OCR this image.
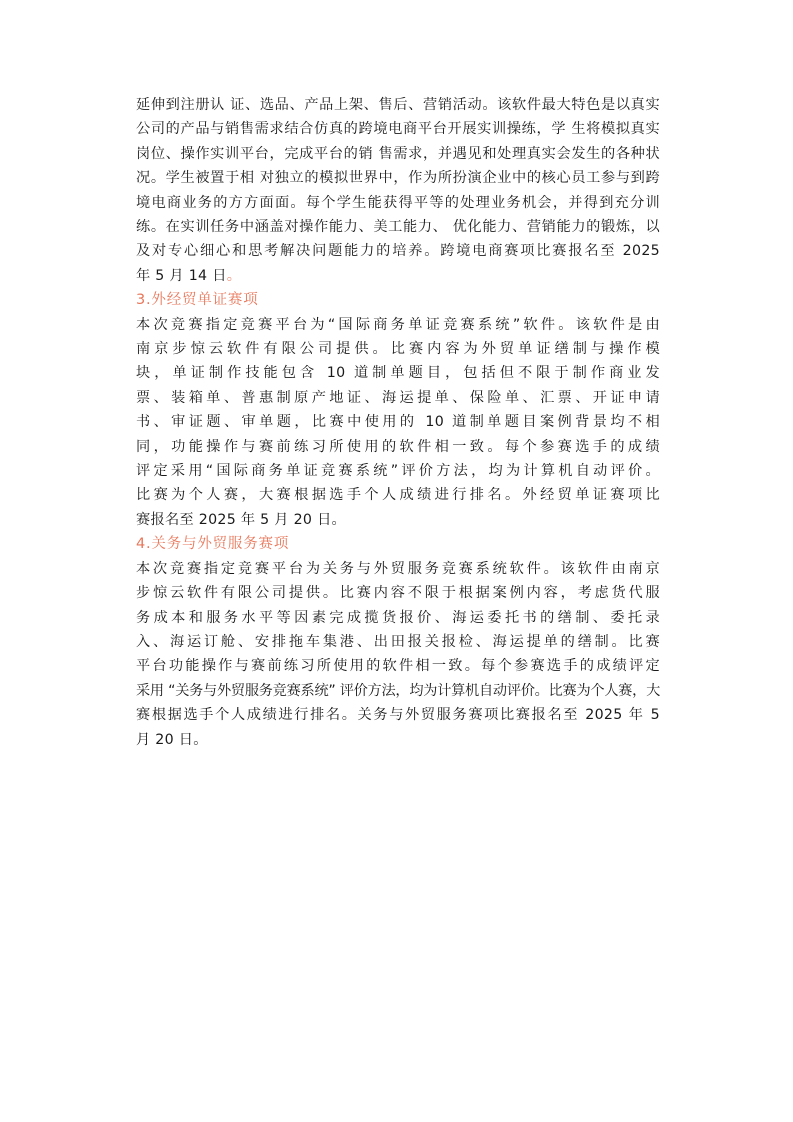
延伸到注册认 证、选品、产品上架、售后、营销活动。该软件最大特色是以真实
公司的产品与销售需求结合仿真的跨境电商平台开展实训操练，学 生将模拟真实
岗位、操作实训平台，完成平台的销 售需求，并遇见和处理真实会发生的各种状
况。学生被置于相 对独立的模拟世界中，作为所扮演企业中的核心员工参与到跨
境电商业务的方方面面。每个学生能获得平等的处理业务机会，并得到充分训
练。在实训任务中涵盖对操作能力、美工能力、 优化能力、营销能力的锻炼，以
及对专心细心和思考解决问题能力的培养。跨境电商赛项比赛报名至 2025
年 5 月 14 日。
3.外经贸单证赛项
本次竞赛指定竞赛平台为“国际商务单证竞赛系统”软件。该软件是由
南京步惊云软件有限公司提供。比赛内容为外贸单证缮制与操作模
块，单证制作技能包含 10 道制单题目，包括但不限于制作商业发
票、装箱单、普惠制原产地证、海运提单、保险单、汇票、开证申请
书、审证题、审单题，比赛中使用的 10 道制单题目案例背景均不相
同，功能操作与赛前练习所使用的软件相一致。每个参赛选手的成绩
评定采用“国际商务单证竞赛系统”评价方法，均为计算机自动评价。
比赛为个人赛，大赛根据选手个人成绩进行排名。外经贸单证赛项比
赛报名至 2025 年 5 月 20 日。
4.关务与外贸服务赛项
本次竞赛指定竞赛平台为关务与外贸服务竞赛系统软件。该软件由南京
步惊云软件有限公司提供。比赛内容不限于根据案例内容，考虑货代服
务成本和服务水平等因素完成揽货报价、海运委托书的缮制、委托录
入、海运订舱、安排拖车集港、出田报关报检、海运提单的缮制。比赛
平台功能操作与赛前练习所使用的软件相一致。每个参赛选手的成绩评定
采用 “关务与外贸服务竞赛系统” 评价方法，均为计算机自动评价。比赛为个人赛，大
赛根据选手个人成绩进行排名。关务与外贸服务赛项比赛报名至 2025 年 5
月 20 日。
